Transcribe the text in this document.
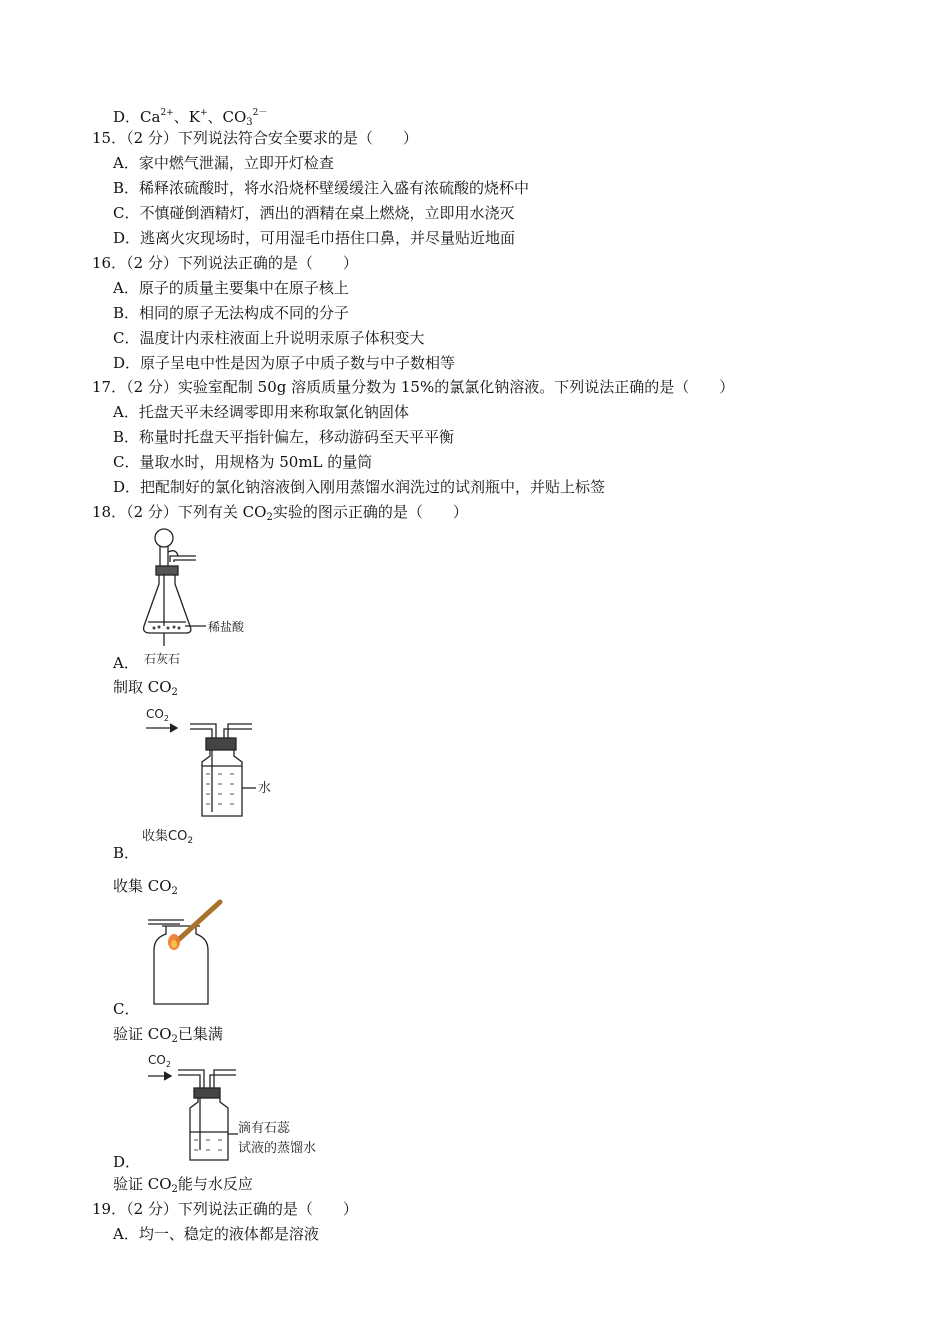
D．$Ca^{2+}$、K+、$CO_3^{2-}$
15．（2 分）下列说法符合安全要求的是（　　）
A．家中燃气泄漏，立即开灯检查
B．稀释浓硫酸时，将水沿烧杯壁缓缓注入盛有浓硫酸的烧杯中
C．不慎碰倒酒精灯，洒出的酒精在桌上燃烧，立即用水浇灭
D．逃离火灾现场时，可用湿毛巾捂住口鼻，并尽量贴近地面
16．（2 分）下列说法正确的是（　　）
A．原子的质量主要集中在原子核上
B．相同的原子无法构成不同的分子
C．温度计内汞柱液面上升说明汞原子体积变大
D．原子呈电中性是因为原子中质子数与中子数相等
17．（2 分）实验室配制 50g 溶质质量分数为 15%的氯氯化钠溶液。下列说法正确的是（　　）
A．托盘天平未经调零即用来称取氯化钠固体
B．称量时托盘天平指针偏左，移动游码至天平平衡
C．量取水时，用规格为 50mL 的量筒
D．把配制好的氯化钠溶液倒入刚用蒸馏水润洗过的试剂瓶中，并贴上标签
18．（2 分）下列有关 $CO_2$实验的图示正确的是（　　）
稀盐酸
石灰石
A．
制取 $CO_2$
$CO_2$
水
收集$CO_2$
B．
收集 $CO_2$
C．
验证 $CO_2$已集满
$CO_2$
滴有石蕊
试液的蒸馏水
D．
验证 $CO_2$能与水反应
19．（2 分）下列说法正确的是（　　）
A．均一、稳定的液体都是溶液
